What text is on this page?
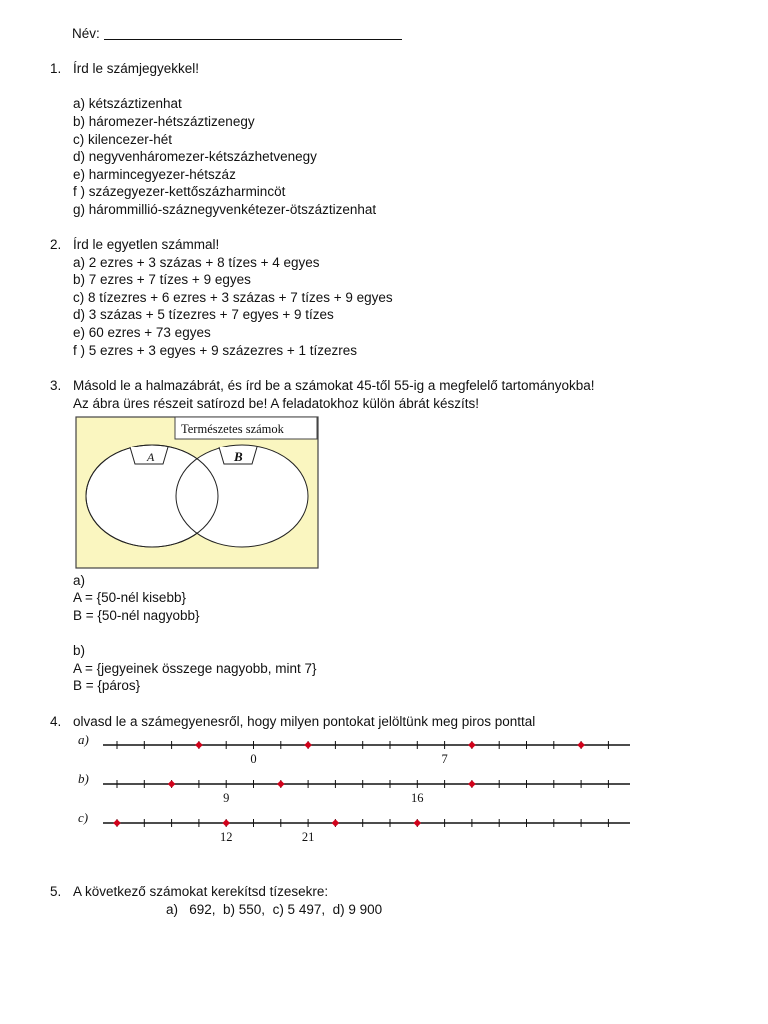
Név:
1. Írd le számjegyekkel!
a) kétszáztizenhat
b) háromezer-hétszáztizenegy
c) kilencezer-hét
d) negyvenháromezer-kétszázhetvenegy
e) harmincegyezer-hétszáz
f ) százegyezer-kettőszázharmincöt
g) hárommillió-száznegyvenkétezer-ötszáztizenhat
2. Írd le egyetlen számmal!
a) 2 ezres + 3 százas + 8 tízes + 4 egyes
b) 7 ezres + 7 tízes + 9 egyes
c) 8 tízezres + 6 ezres + 3 százas + 7 tízes + 9 egyes
d) 3 százas + 5 tízezres + 7 egyes + 9 tízes
e) 60 ezres + 73 egyes
f ) 5 ezres + 3 egyes + 9 százezres + 1 tízezres
3. Másold le a halmazábrát, és írd be a számokat 45-től 55-ig a megfelelő tartományokba!
Az ábra üres részeit satírozd be! A feladatokhoz külön ábrát készíts!
Természetes számok
A	B
a)
A = {50-nél kisebb}
B = {50-nél nagyobb}
b)
A = {jegyeinek összege nagyobb, mint 7}
B = {páros}
4. olvasd le a számegyenesről, hogy milyen pontokat jelöltünk meg piros ponttal
a)
0	7
b)
9	16
c)
12	21
5. A következő számokat kerekítsd tízesekre:
a)   692,  b) 550,  c) 5 497,  d) 9 900
